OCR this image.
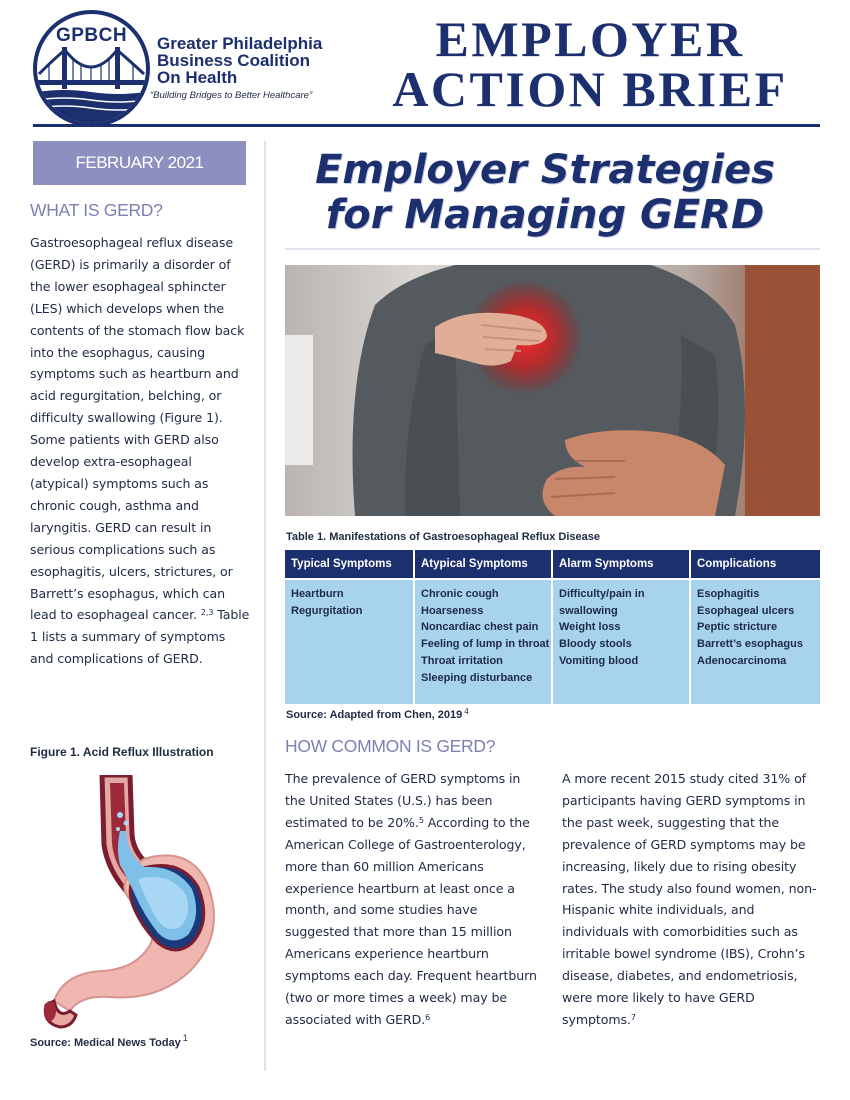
GPBCH	Greater Philadelphia
Business Coalition
On Health
“Building Bridges to Better Healthcare”
EMPLOYER
ACTION BRIEF
FEBRUARY 2021
WHAT IS GERD?
Gastroesophageal reflux disease (GERD) is primarily a disorder of the lower esophageal sphincter (LES) which develops when the contents of the stomach flow back into the esophagus, causing symptoms such as heartburn and acid regurgitation, belching, or difficulty swallowing (Figure 1). Some patients with GERD also develop extra-esophageal (atypical) symptoms such as chronic cough, asthma and laryngitis. GERD can result in serious complications such as esophagitis, ulcers, strictures, or Barrett’s esophagus, which can lead to esophageal cancer. $^{2,3}$ Table 1 lists a summary of symptoms and complications of GERD.
Figure 1. Acid Reflux Illustration
Source: Medical News Today $^1$
Employer Strategies
for Managing GERD
Table 1. Manifestations of Gastroesophageal Reflux Disease
Typical Symptoms
Heartburn
Regurgitation
Atypical Symptoms
Chronic cough
Hoarseness
Noncardiac chest pain
Feeling of lump in throat
Throat irritation
Sleeping disturbance
Alarm Symptoms
Difficulty/pain in swallowing
Weight loss
Bloody stools
Vomiting blood
Complications
Esophagitis
Esophageal ulcers
Peptic stricture
Barrett’s esophagus
Adenocarcinoma
Source: Adapted from Chen, 2019 $^4$
HOW COMMON IS GERD?
The prevalence of GERD symptoms in the United States (U.S.) has been estimated to be 20%.$^5$ According to the American College of Gastroenterology, more than 60 million Americans experience heartburn at least once a month, and some studies have suggested that more than 15 million Americans experience heartburn symptoms each day. Frequent heartburn (two or more times a week) may be associated with GERD.$^6$
A more recent 2015 study cited 31% of participants having GERD symptoms in the past week, suggesting that the prevalence of GERD symptoms may be increasing, likely due to rising obesity rates. The study also found women, non-Hispanic white individuals, and individuals with comorbidities such as irritable bowel syndrome (IBS), Crohn’s disease, diabetes, and endometriosis, were more likely to have GERD symptoms.$^7$
